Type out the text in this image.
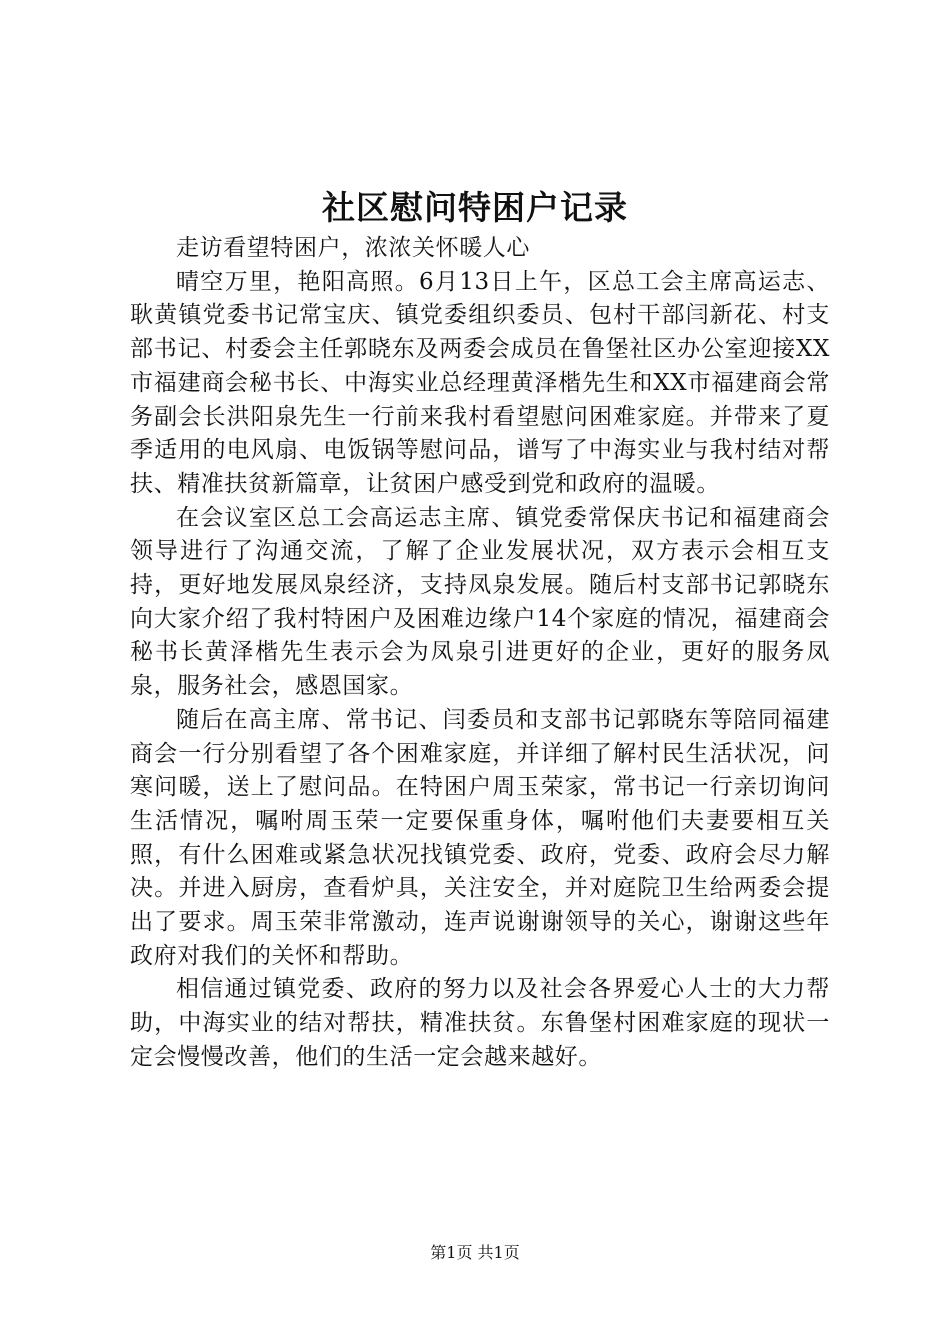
社区慰问特困户记录

走访看望特困户，浓浓关怀暖人心

晴空万里，艳阳高照。6月13日上午，区总工会主席高运志、耿黄镇党委书记常宝庆、镇党委组织委员、包村干部闫新花、村支部书记、村委会主任郭晓东及两委会成员在鲁堡社区办公室迎接XX市福建商会秘书长、中海实业总经理黄泽楷先生和XX市福建商会常务副会长洪阳泉先生一行前来我村看望慰问困难家庭。并带来了夏季适用的电风扇、电饭锅等慰问品，谱写了中海实业与我村结对帮扶、精准扶贫新篇章，让贫困户感受到党和政府的温暖。

在会议室区总工会高运志主席、镇党委常保庆书记和福建商会领导进行了沟通交流，了解了企业发展状况，双方表示会相互支持，更好地发展凤泉经济，支持凤泉发展。随后村支部书记郭晓东向大家介绍了我村特困户及困难边缘户14个家庭的情况，福建商会秘书长黄泽楷先生表示会为凤泉引进更好的企业，更好的服务凤泉，服务社会，感恩国家。

随后在高主席、常书记、闫委员和支部书记郭晓东等陪同福建商会一行分别看望了各个困难家庭，并详细了解村民生活状况，问寒问暖，送上了慰问品。在特困户周玉荣家，常书记一行亲切询问生活情况，嘱咐周玉荣一定要保重身体，嘱咐他们夫妻要相互关照，有什么困难或紧急状况找镇党委、政府，党委、政府会尽力解决。并进入厨房，查看炉具，关注安全，并对庭院卫生给两委会提出了要求。周玉荣非常激动，连声说谢谢领导的关心，谢谢这些年政府对我们的关怀和帮助。

相信通过镇党委、政府的努力以及社会各界爱心人士的大力帮助，中海实业的结对帮扶，精准扶贫。东鲁堡村困难家庭的现状一定会慢慢改善，他们的生活一定会越来越好。

第1页 共1页
